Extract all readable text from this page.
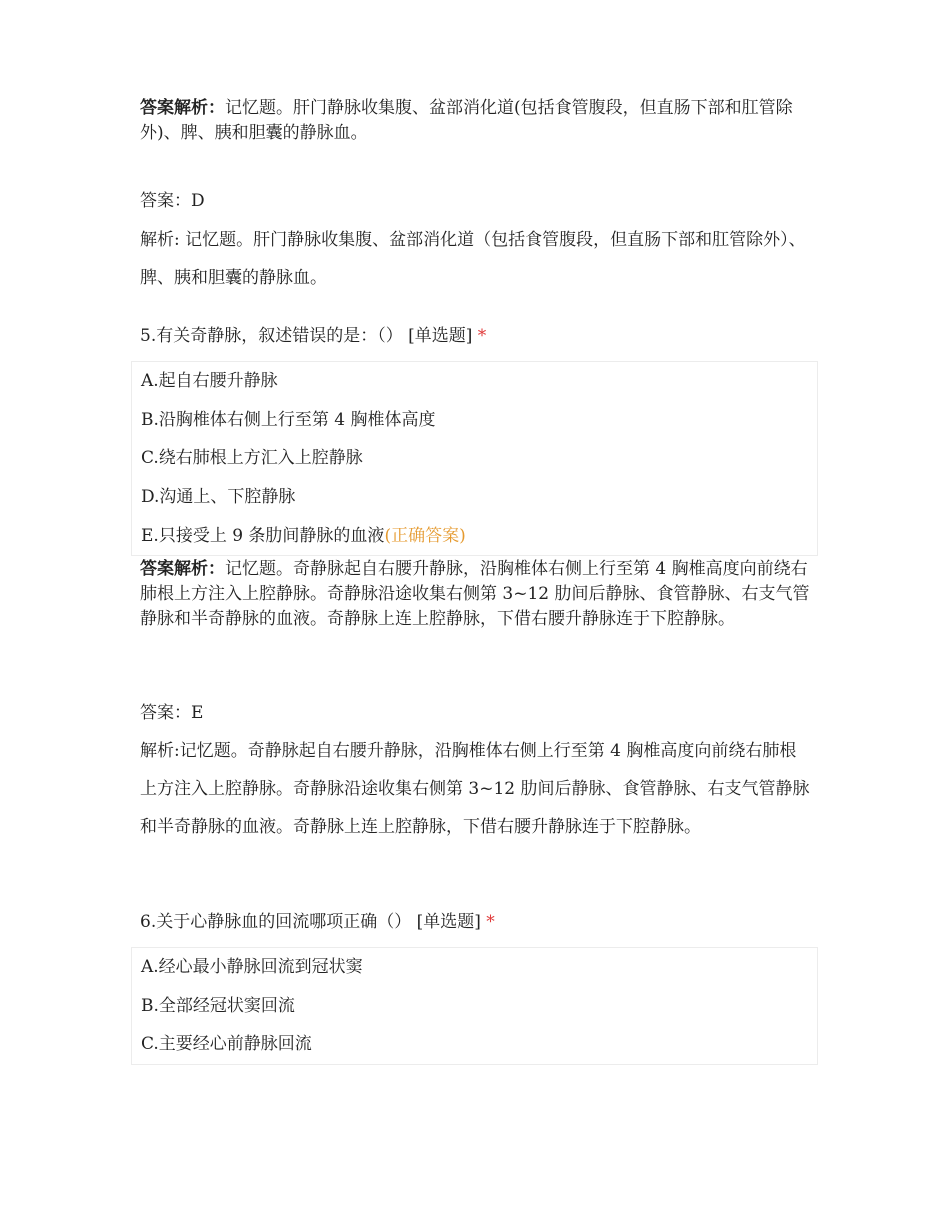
答案解析：记忆题。肝门静脉收集腹、盆部消化道(包括食管腹段，但直肠下部和肛管除外)、脾、胰和胆囊的静脉血。
答案：D
解析: 记忆题。肝门静脉收集腹、盆部消化道（包括食管腹段，但直肠下部和肛管除外）、脾、胰和胆囊的静脉血。
5.有关奇静脉，叙述错误的是：（） [单选题] *
A.起自右腰升静脉
B.沿胸椎体右侧上行至第 4 胸椎体高度
C.绕右肺根上方汇入上腔静脉
D.沟通上、下腔静脉
E.只接受上 9 条肋间静脉的血液(正确答案)
答案解析：记忆题。奇静脉起自右腰升静脉，沿胸椎体右侧上行至第 4 胸椎高度向前绕右肺根上方注入上腔静脉。奇静脉沿途收集右侧第 3~12 肋间后静脉、食管静脉、右支气管静脉和半奇静脉的血液。奇静脉上连上腔静脉，下借右腰升静脉连于下腔静脉。
答案：E
解析:记忆题。奇静脉起自右腰升静脉，沿胸椎体右侧上行至第 4 胸椎高度向前绕右肺根上方注入上腔静脉。奇静脉沿途收集右侧第 3~12 肋间后静脉、食管静脉、右支气管静脉和半奇静脉的血液。奇静脉上连上腔静脉，下借右腰升静脉连于下腔静脉。
6.关于心静脉血的回流哪项正确（） [单选题] *
A.经心最小静脉回流到冠状窦
B.全部经冠状窦回流
C.主要经心前静脉回流
